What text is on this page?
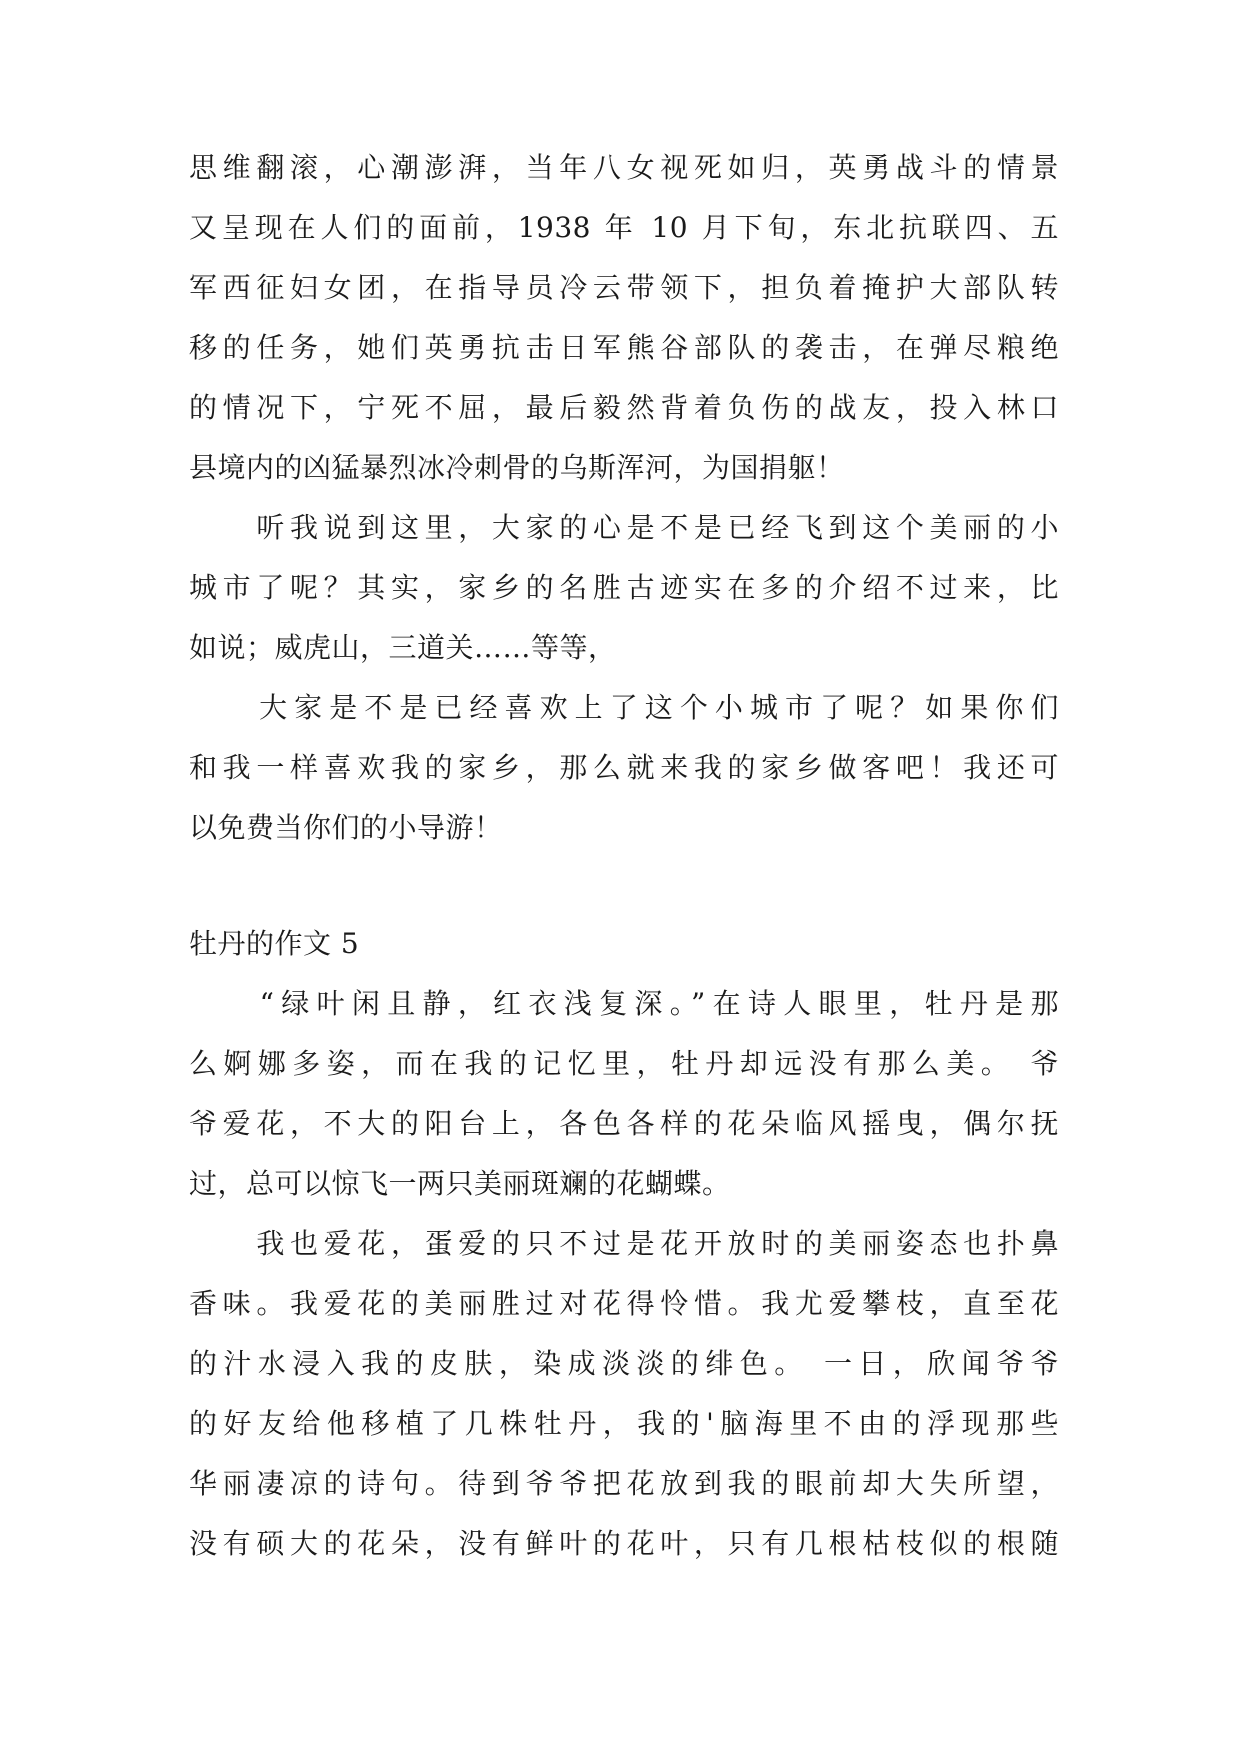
思维翻滚，心潮澎湃，当年八女视死如归，英勇战斗的情景
又呈现在人们的面前，1938 年 10 月下旬，东北抗联四、五
军西征妇女团，在指导员冷云带领下，担负着掩护大部队转
移的任务，她们英勇抗击日军熊谷部队的袭击，在弹尽粮绝
的情况下，宁死不屈，最后毅然背着负伤的战友，投入林口
县境内的凶猛暴烈冰冷刺骨的乌斯浑河，为国捐躯！
　　听我说到这里，大家的心是不是已经飞到这个美丽的小
城市了呢？其实，家乡的名胜古迹实在多的介绍不过来，比
如说；威虎山，三道关……等等，
　　大家是不是已经喜欢上了这个小城市了呢？如果你们
和我一样喜欢我的家乡，那么就来我的家乡做客吧！我还可
以免费当你们的小导游！
牡丹的作文 5
　　“绿叶闲且静，红衣浅复深。”在诗人眼里，牡丹是那
么婀娜多姿，而在我的记忆里，牡丹却远没有那么美。 爷
爷爱花，不大的阳台上，各色各样的花朵临风摇曳，偶尔抚
过，总可以惊飞一两只美丽斑斓的花蝴蝶。
　　我也爱花，蛋爱的只不过是花开放时的美丽姿态也扑鼻
香味。我爱花的美丽胜过对花得怜惜。我尤爱攀枝，直至花
的汁水浸入我的皮肤，染成淡淡的绯色。 一日，欣闻爷爷
的好友给他移植了几株牡丹，我的'脑海里不由的浮现那些
华丽凄凉的诗句。待到爷爷把花放到我的眼前却大失所望，
没有硕大的花朵，没有鲜叶的花叶，只有几根枯枝似的根随
